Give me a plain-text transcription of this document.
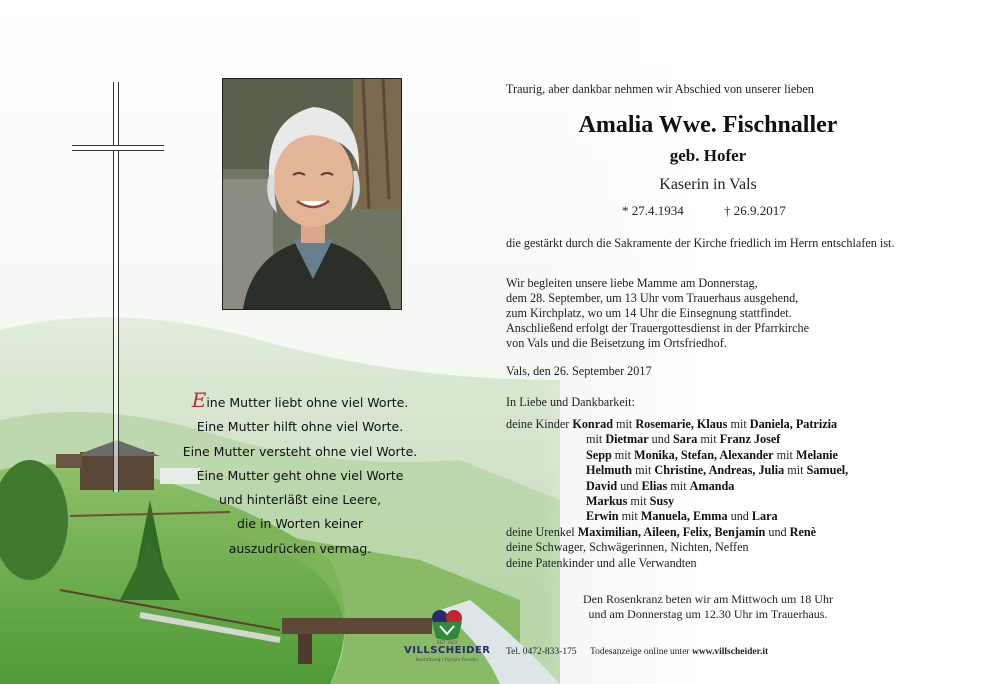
Eine Mutter liebt ohne viel Worte.
Eine Mutter hilft ohne viel Worte.
Eine Mutter versteht ohne viel Worte.
Eine Mutter geht ohne viel Worte
und hinterläßt eine Leere,
die in Worten keiner
auszudrücken vermag.
Traurig, aber dankbar nehmen wir Abschied von unserer lieben
Amalia Wwe. Fischnaller
geb. Hofer
Kaserin in Vals
* 27.4.1934	† 26.9.2017
die gestärkt durch die Sakramente der Kirche friedlich im Herrn entschlafen ist.
Wir begleiten unsere liebe Mamme am Donnerstag,
dem 28. September, um 13 Uhr vom Trauerhaus ausgehend,
zum Kirchplatz, wo um 14 Uhr die Einsegnung stattfindet.
Anschließend erfolgt der Trauergottesdienst in der Pfarrkirche
von Vals und die Beisetzung im Ortsfriedhof.
Vals, den 26. September 2017
In Liebe und Dankbarkeit:
deine Kinder Konrad mit Rosemarie, Klaus mit Daniela, Patrizia
mit Dietmar und Sara mit Franz Josef
Sepp mit Monika, Stefan, Alexander mit Melanie
Helmuth mit Christine, Andreas, Julia mit Samuel,
David und Elias mit Amanda
Markus mit Susy
Erwin mit Manuela, Emma und Lara
deine Urenkel Maximilian, Aileen, Felix, Benjamin und Renè
deine Schwager, Schwägerinnen, Nichten, Neffen
deine Patenkinder und alle Verwandten
Den Rosenkranz beten wir am Mittwoch um 18 Uhr
und am Donnerstag um 12.30 Uhr im Trauerhaus.
SEIT 1923
VILLSCHEIDER
Bestattung | Pompe Funebri
Tel. 0472-833-175 Todesanzeige online unter www.villscheider.it
